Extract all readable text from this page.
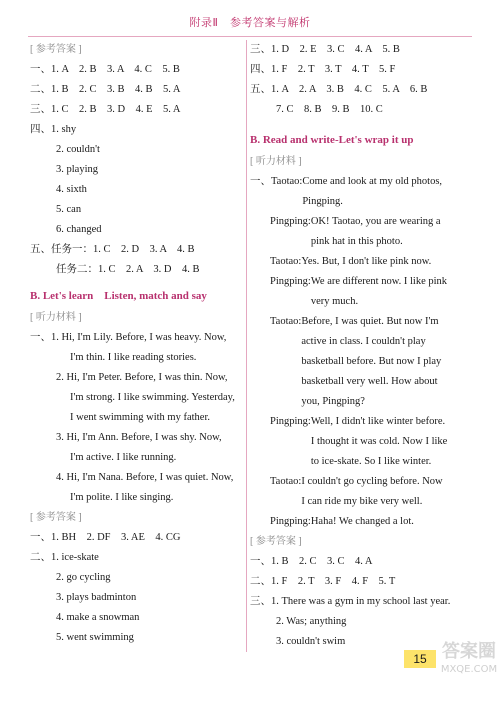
附录Ⅱ　参考答案与解析
[ 参考答案 ]
一、1. A　2. B　3. A　4. C　5. B
二、1. B　2. C　3. B　4. B　5. A
三、1. C　2. B　3. D　4. E　5. A
四、1. shy
2. couldn't
3. playing
4. sixth
5. can
6. changed
五、任务一：1. C　2. D　3. A　4. B
任务二：1. C　2. A　3. D　4. B
B. Let's learn　Listen, match and say
[ 听力材料 ]
一、1. Hi, I'm Lily. Before, I was heavy. Now,
I'm thin. I like reading stories.
2. Hi, I'm Peter. Before, I was thin. Now,
I'm strong. I like swimming. Yesterday,
I went swimming with my father.
3. Hi, I'm Ann. Before, I was shy. Now,
I'm active. I like running.
4. Hi, I'm Nana. Before, I was quiet. Now,
I'm polite. I like singing.
[ 参考答案 ]
一、1. BH　2. DF　3. AE　4. CG
二、1. ice-skate
2. go cycling
3. plays badminton
4. make a snowman
5. went swimming
三、1. D　2. E　3. C　4. A　5. B
四、1. F　2. T　3. T　4. T　5. F
五、1. A　2. A　3. B　4. C　5. A　6. B
7. C　8. B　9. B　10. C
B. Read and write-Let's wrap it up
[ 听力材料 ]
一、Taotao: Come and look at my old photos,
Pingping.
Pingping: OK! Taotao, you are wearing a
pink hat in this photo.
Taotao: Yes. But, I don't like pink now.
Pingping: We are different now. I like pink
very much.
Taotao: Before, I was quiet. But now I'm
active in class. I couldn't play
basketball before. But now I play
basketball very well. How about
you, Pingping?
Pingping: Well, I didn't like winter before.
I thought it was cold. Now I like
to ice-skate. So I like winter.
Taotao: I couldn't go cycling before. Now
I can ride my bike very well.
Pingping: Haha! We changed a lot.
[ 参考答案 ]
一、1. B　2. C　3. C　4. A
二、1. F　2. T　3. F　4. F　5. T
三、1. There was a gym in my school last year.
2. Was; anything
3. couldn't swim
15 答案圈
MXQE.COM
